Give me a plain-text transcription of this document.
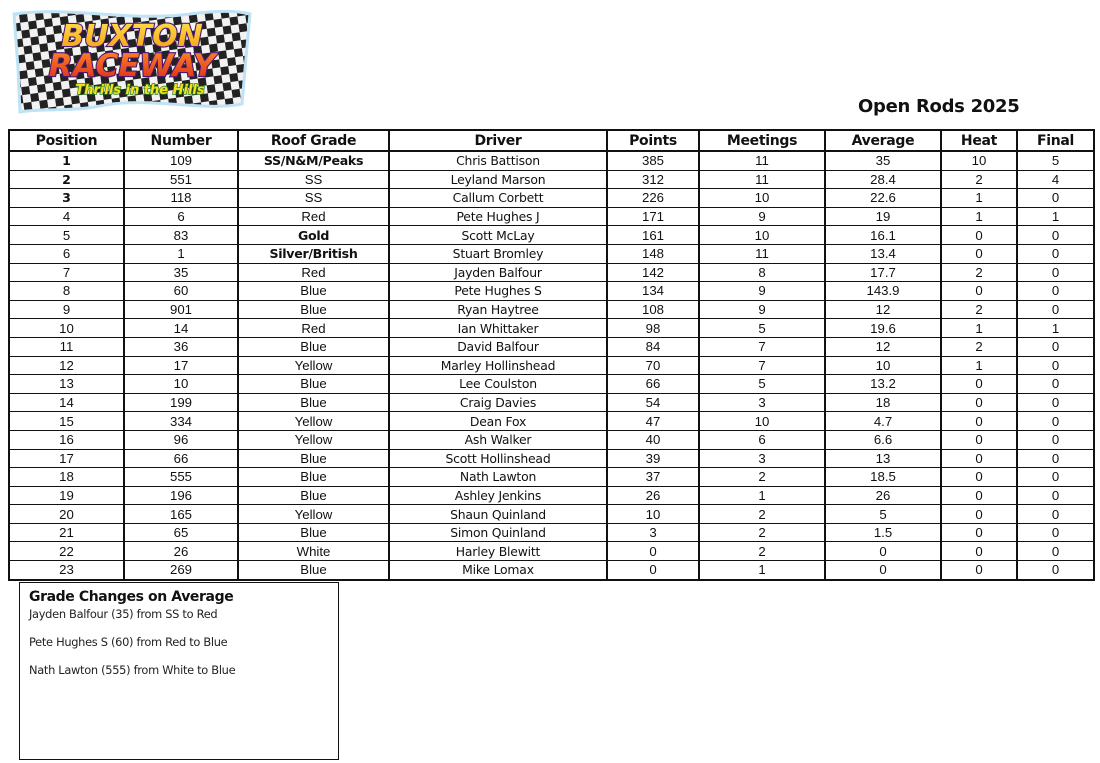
BUXTON
RACEWAY
Thrills in the Hills
Open Rods 2025
Position	Number	Roof Grade	Driver	Points	Meetings	Average	Heat	Final
1	109	SS/N&M/Peaks	Chris Battison	385	11	35	10	5
2	551	SS	Leyland Marson	312	11	28.4	2	4
3	118	SS	Callum Corbett	226	10	22.6	1	0
4	6	Red	Pete Hughes J	171	9	19	1	1
5	83	Gold	Scott McLay	161	10	16.1	0	0
6	1	Silver/British	Stuart Bromley	148	11	13.4	0	0
7	35	Red	Jayden Balfour	142	8	17.7	2	0
8	60	Blue	Pete Hughes S	134	9	143.9	0	0
9	901	Blue	Ryan Haytree	108	9	12	2	0
10	14	Red	Ian Whittaker	98	5	19.6	1	1
11	36	Blue	David Balfour	84	7	12	2	0
12	17	Yellow	Marley Hollinshead	70	7	10	1	0
13	10	Blue	Lee Coulston	66	5	13.2	0	0
14	199	Blue	Craig Davies	54	3	18	0	0
15	334	Yellow	Dean Fox	47	10	4.7	0	0
16	96	Yellow	Ash Walker	40	6	6.6	0	0
17	66	Blue	Scott Hollinshead	39	3	13	0	0
18	555	Blue	Nath Lawton	37	2	18.5	0	0
19	196	Blue	Ashley Jenkins	26	1	26	0	0
20	165	Yellow	Shaun Quinland	10	2	5	0	0
21	65	Blue	Simon Quinland	3	2	1.5	0	0
22	26	White	Harley Blewitt	0	2	0	0	0
23	269	Blue	Mike Lomax	0	1	0	0	0
Grade Changes on Average
Jayden Balfour (35) from SS to Red
Pete Hughes S (60) from Red to Blue
Nath Lawton (555) from White to Blue
